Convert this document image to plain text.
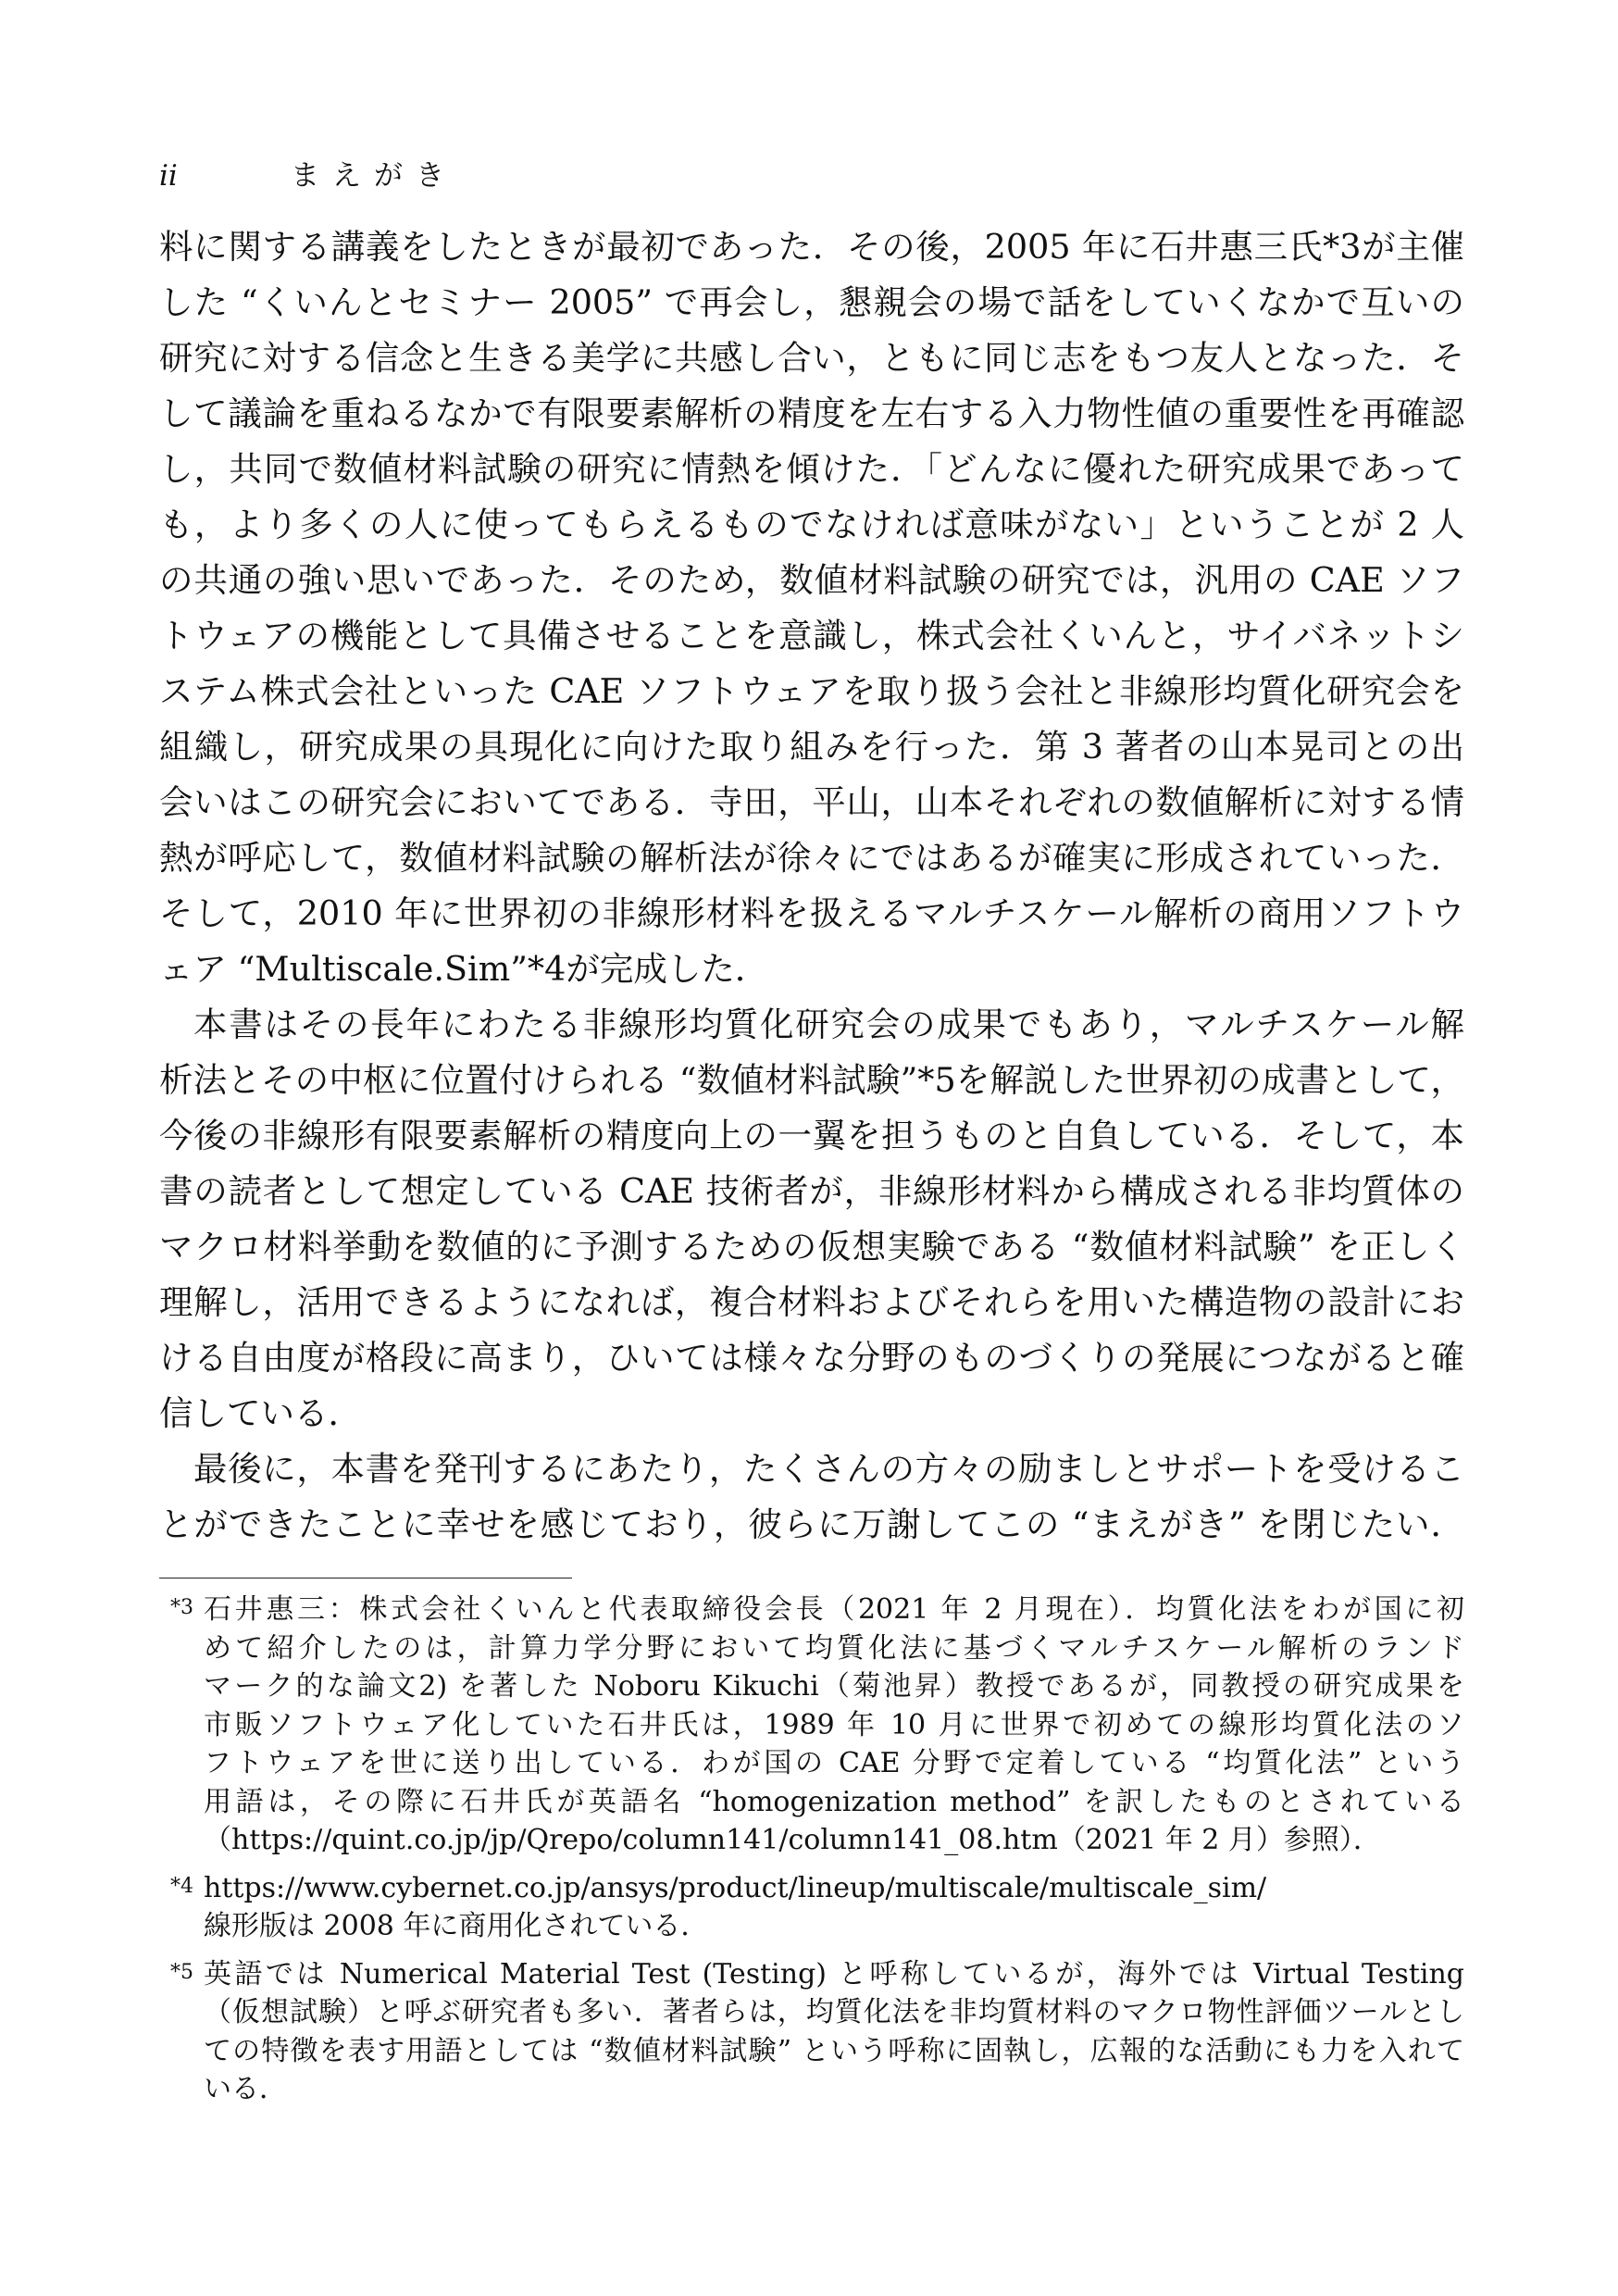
ii	まえがき
料に関する講義をしたときが最初であった．その後，2005 年に石井惠三氏*3が主催
した “くいんとセミナー 2005” で再会し，懇親会の場で話をしていくなかで互いの
研究に対する信念と生きる美学に共感し合い，ともに同じ志をもつ友人となった．そ
して議論を重ねるなかで有限要素解析の精度を左右する入力物性値の重要性を再確認
し，共同で数値材料試験の研究に情熱を傾けた．「どんなに優れた研究成果であって
も，より多くの人に使ってもらえるものでなければ意味がない」ということが 2 人
の共通の強い思いであった．そのため，数値材料試験の研究では，汎用の CAE ソフ
トウェアの機能として具備させることを意識し，株式会社くいんと，サイバネットシ
ステム株式会社といった CAE ソフトウェアを取り扱う会社と非線形均質化研究会を
組織し，研究成果の具現化に向けた取り組みを行った．第 3 著者の山本晃司との出
会いはこの研究会においてである．寺田，平山，山本それぞれの数値解析に対する情
熱が呼応して，数値材料試験の解析法が徐々にではあるが確実に形成されていった．
そして，2010 年に世界初の非線形材料を扱えるマルチスケール解析の商用ソフトウ
ェア “Multiscale.Sim”*4が完成した．
本書はその長年にわたる非線形均質化研究会の成果でもあり，マルチスケール解
析法とその中枢に位置付けられる “数値材料試験”*5を解説した世界初の成書として，
今後の非線形有限要素解析の精度向上の一翼を担うものと自負している．そして，本
書の読者として想定している CAE 技術者が，非線形材料から構成される非均質体の
マクロ材料挙動を数値的に予測するための仮想実験である “数値材料試験” を正しく
理解し，活用できるようになれば，複合材料およびそれらを用いた構造物の設計にお
ける自由度が格段に高まり，ひいては様々な分野のものづくりの発展につながると確
信している．
最後に，本書を発刊するにあたり，たくさんの方々の励ましとサポートを受けるこ
とができたことに幸せを感じており，彼らに万謝してこの “まえがき” を閉じたい．
*3 石井惠三：株式会社くいんと代表取締役会長（2021 年 2 月現在）．均質化法をわが国に初
めて紹介したのは，計算力学分野において均質化法に基づくマルチスケール解析のランド
マーク的な論文2) を著した Noboru Kikuchi（菊池昇）教授であるが，同教授の研究成果を
市販ソフトウェア化していた石井氏は，1989 年 10 月に世界で初めての線形均質化法のソ
フトウェアを世に送り出している．わが国の CAE 分野で定着している “均質化法” という
用語は，その際に石井氏が英語名 “homogenization method” を訳したものとされている
（https://quint.co.jp/jp/Qrepo/column141/column141_08.htm（2021 年 2 月）参照）．
*4 https://www.cybernet.co.jp/ansys/product/lineup/multiscale/multiscale_sim/
線形版は 2008 年に商用化されている．
*5 英語では Numerical Material Test (Testing) と呼称しているが，海外では Virtual Testing
（仮想試験）と呼ぶ研究者も多い．著者らは，均質化法を非均質材料のマクロ物性評価ツールとし
ての特徴を表す用語としては “数値材料試験” という呼称に固執し，広報的な活動にも力を入れて
いる．
